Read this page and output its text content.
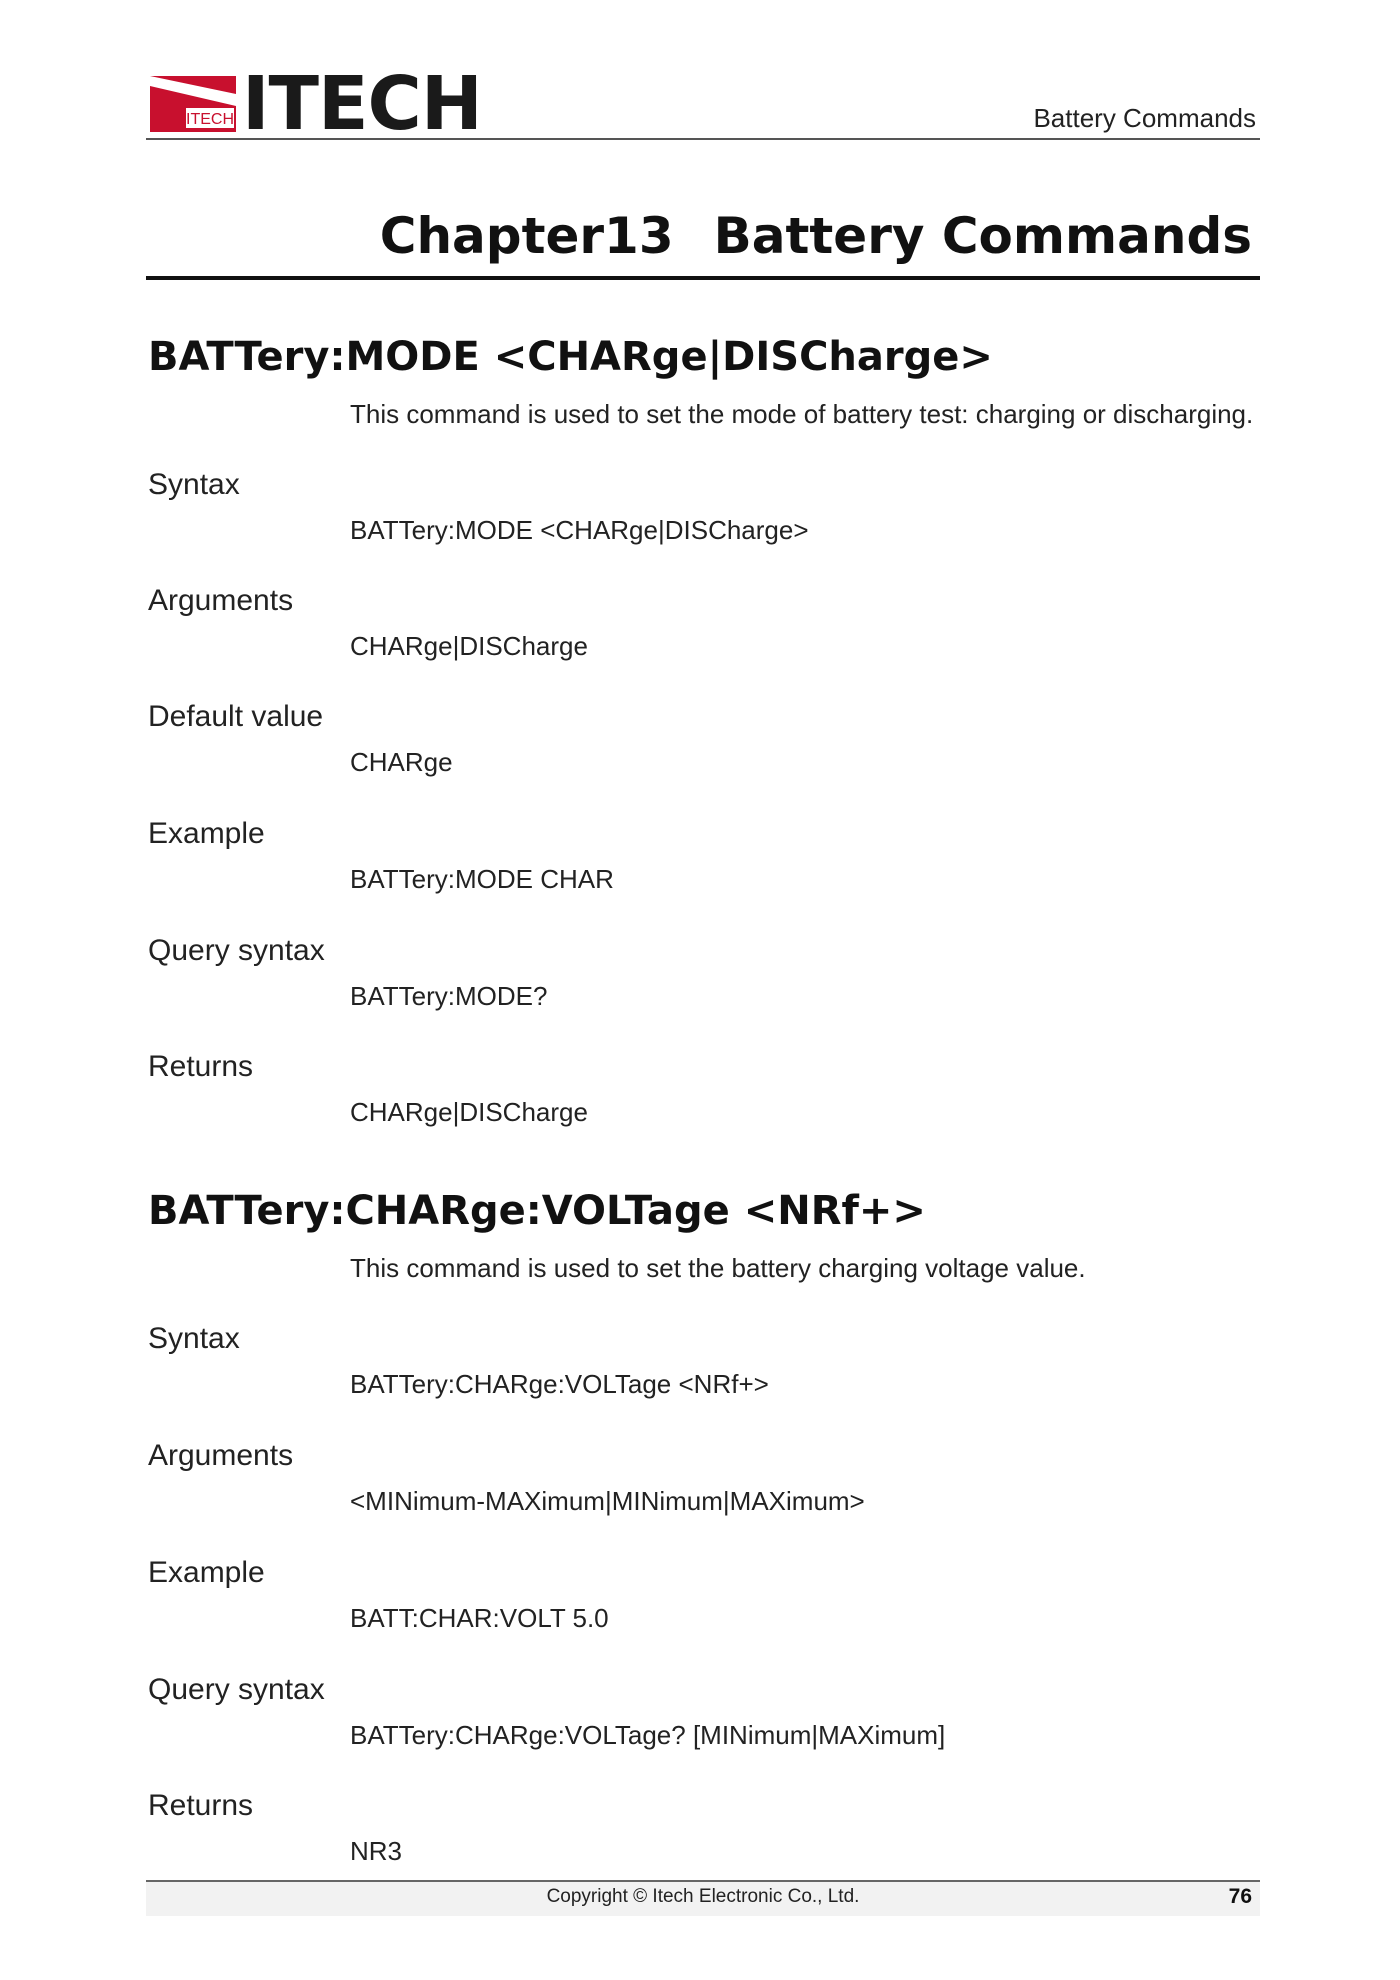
ITECH ITECH	Battery Commands
Chapter13 Battery Commands
BATTery:MODE <CHARge|DISCharge>
This command is used to set the mode of battery test: charging or discharging.
Syntax
BATTery:MODE <CHARge|DISCharge>
Arguments
CHARge|DISCharge
Default value
CHARge
Example
BATTery:MODE CHAR
Query syntax
BATTery:MODE?
Returns
CHARge|DISCharge
BATTery:CHARge:VOLTage <NRf+>
This command is used to set the battery charging voltage value.
Syntax
BATTery:CHARge:VOLTage <NRf+>
Arguments
<MINimum-MAXimum|MINimum|MAXimum>
Example
BATT:CHAR:VOLT 5.0
Query syntax
BATTery:CHARge:VOLTage? [MINimum|MAXimum]
Returns
NR3
Copyright © Itech Electronic Co., Ltd.	76
